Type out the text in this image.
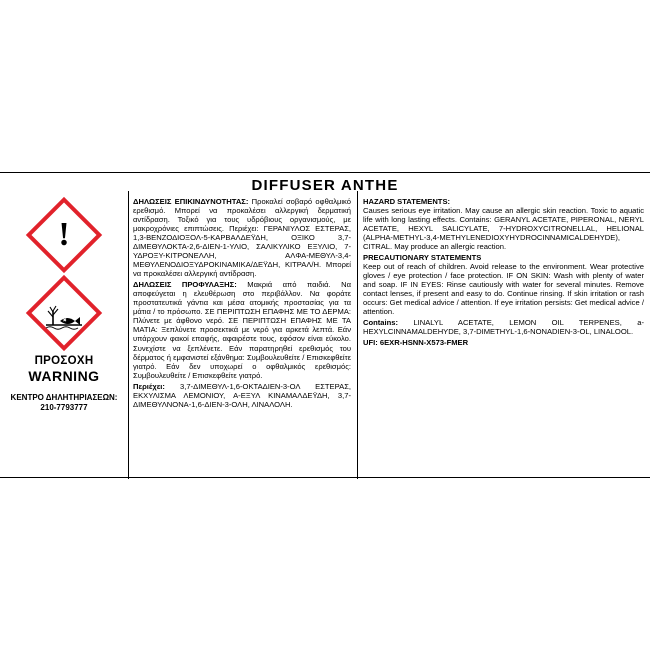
DIFFUSER ANTHE
!
ΠΡΟΣΟΧΗ
WARNING
ΚΕΝΤΡΟ ΔΗΛΗΤΗΡΙΑΣΕΩΝ:
210-7793777

ΔΗΛΩΣΕΙΣ ΕΠΙΚΙΝΔΥΝΟΤΗΤΑΣ: Προκαλεί σοβαρό οφθαλμικό ερεθισμό. Μπορεί να προκαλέσει αλλεργική δερματική αντίδραση. Τοξικό για τους υδρόβιους οργανισμούς, με μακροχρόνιες επιπτώσεις. Περιέχει: ΓΕΡΑΝΙΥΛΟΣ ΕΣΤΕΡΑΣ, 1,3-ΒΕΝΖΟΔΙΟΞΟΛ-5-ΚΑΡΒΑΛΔΕΫΔΗ, ΟΞΙΚΟ 3,7-ΔΙΜΕΘΥΛΟΚΤΑ-2,6-ΔΙΕΝ-1-ΥΛΙΟ, ΣΑΛΙΚΥΛΙΚΟ ΕΞΥΛΙΟ, 7-ΥΔΡΟΞΥ-ΚΙΤΡΟΝΕΛΛΗ, ΑΛΦΑ-ΜΕΘΥΛ-3,4-ΜΕΘΥΛΕΝΟΔΙΟΞΥΔΡΟΚΙΝΑΜΙΚΑ/ΔΕΫΔΗ, ΚΙΤΡΑΛ/Η. Μπορεί να προκαλέσει αλλεργική αντίδραση.

ΔΗΛΩΣΕΙΣ ΠΡΟΦΥΛΑΞΗΣ: Μακριά από παιδιά. Να αποφεύγεται η ελευθέρωση στο περιβάλλον. Να φοράτε προστατευτικά γάντια και μέσα ατομικής προστασίας για τα μάτια / το πρόσωπο. ΣΕ ΠΕΡΙΠΤΩΣΗ ΕΠΑΦΗΣ ΜΕ ΤΟ ΔΕΡΜΑ: Πλύνετε με άφθονο νερό. ΣΕ ΠΕΡΙΠΤΩΣΗ ΕΠΑΦΗΣ ΜΕ ΤΑ ΜΑΤΙΑ: Ξεπλύνετε προσεκτικά με νερό για αρκετά λεπτά. Εάν υπάρχουν φακοί επαφής, αφαιρέστε τους, εφόσον είναι εύκολο. Συνεχίστε να ξεπλένετε. Εάν παρατηρηθεί ερεθισμός του δέρματος ή εμφανιστεί εξάνθημα: Συμβουλευθείτε / Επισκεφθείτε γιατρό. Εάν δεν υποχωρεί ο οφθαλμικός ερεθισμός: Συμβουλευθείτε / Επισκεφθείτε γιατρό.

Περιέχει: 3,7-ΔΙΜΕΘΥΛ-1,6-ΟΚΤΑΔΙΕΝ-3-ΟΛ ΕΣΤΕΡΑΣ, ΕΚΧΥΛΙΣΜΑ ΛΕΜΟΝΙΟΥ, Α-ΕΞΥΛ ΚΙΝΑΜΑΛΔΕΫΔΗ, 3,7-ΔΙΜΕΘΥΛΝΟΝΑ-1,6-ΔΙΕΝ-3-ΟΛΗ, ΛΙΝΑΛΟΛΗ.

HAZARD STATEMENTS:

Causes serious eye irritation. May cause an allergic skin reaction. Toxic to aquatic life with long lasting effects. Contains: GERANYL ACETATE, PIPERONAL, NERYL ACETATE, HEXYL SALICYLATE, 7-HYDROXYCITRONELLAL, HELIONAL (ALPHA-METHYL-3,4-METHYLENEDIOXYHYDROCINNAMICALDEHYDE), CITRAL. May produce an allergic reaction.

PRECAUTIONARY STATEMENTS

Keep out of reach of children. Avoid release to the environment. Wear protective gloves / eye protection / face protection. IF ON SKIN: Wash with plenty of water and soap. IF IN EYES: Rinse cautiously with water for several minutes. Remove contact lenses, if present and easy to do. Continue rinsing. If skin irritation or rash occurs: Get medical advice / attention. If eye irritation persists: Get medical advice / attention.

Contains: LINALYL ACETATE, LEMON OIL TERPENES, a-HEXYLCINNAMALDEHYDE, 3,7-DIMETHYL-1,6-NONADIEN-3-OL, LINALOOL.

UFI: 6EXR-HSNN-X573-FMER
